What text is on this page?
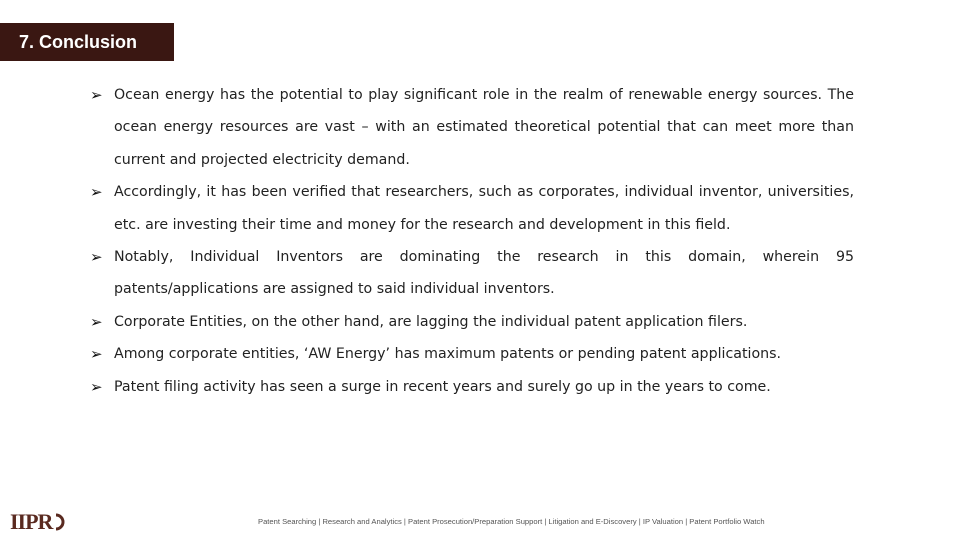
7. Conclusion
➢ Ocean energy has the potential to play significant role in the realm of renewable energy sources. The ocean energy resources are vast – with an estimated theoretical potential that can meet more than current and projected electricity demand.
➢ Accordingly, it has been verified that researchers, such as corporates, individual inventor, universities, etc. are investing their time and money for the research and development in this field.
➢ Notably, Individual Inventors are dominating the research in this domain, wherein 95 patents/applications are assigned to said individual inventors.
➢ Corporate Entities, on the other hand, are lagging the individual patent application filers.
➢ Among corporate entities, ‘AW Energy’ has maximum patents or pending patent applications.
➢ Patent filing activity has seen a surge in recent years and surely go up in the years to come.
IIPR	Patent Searching | Research and Analytics | Patent Prosecution/Preparation Support | Litigation and E-Discovery | IP Valuation | Patent Portfolio Watch
